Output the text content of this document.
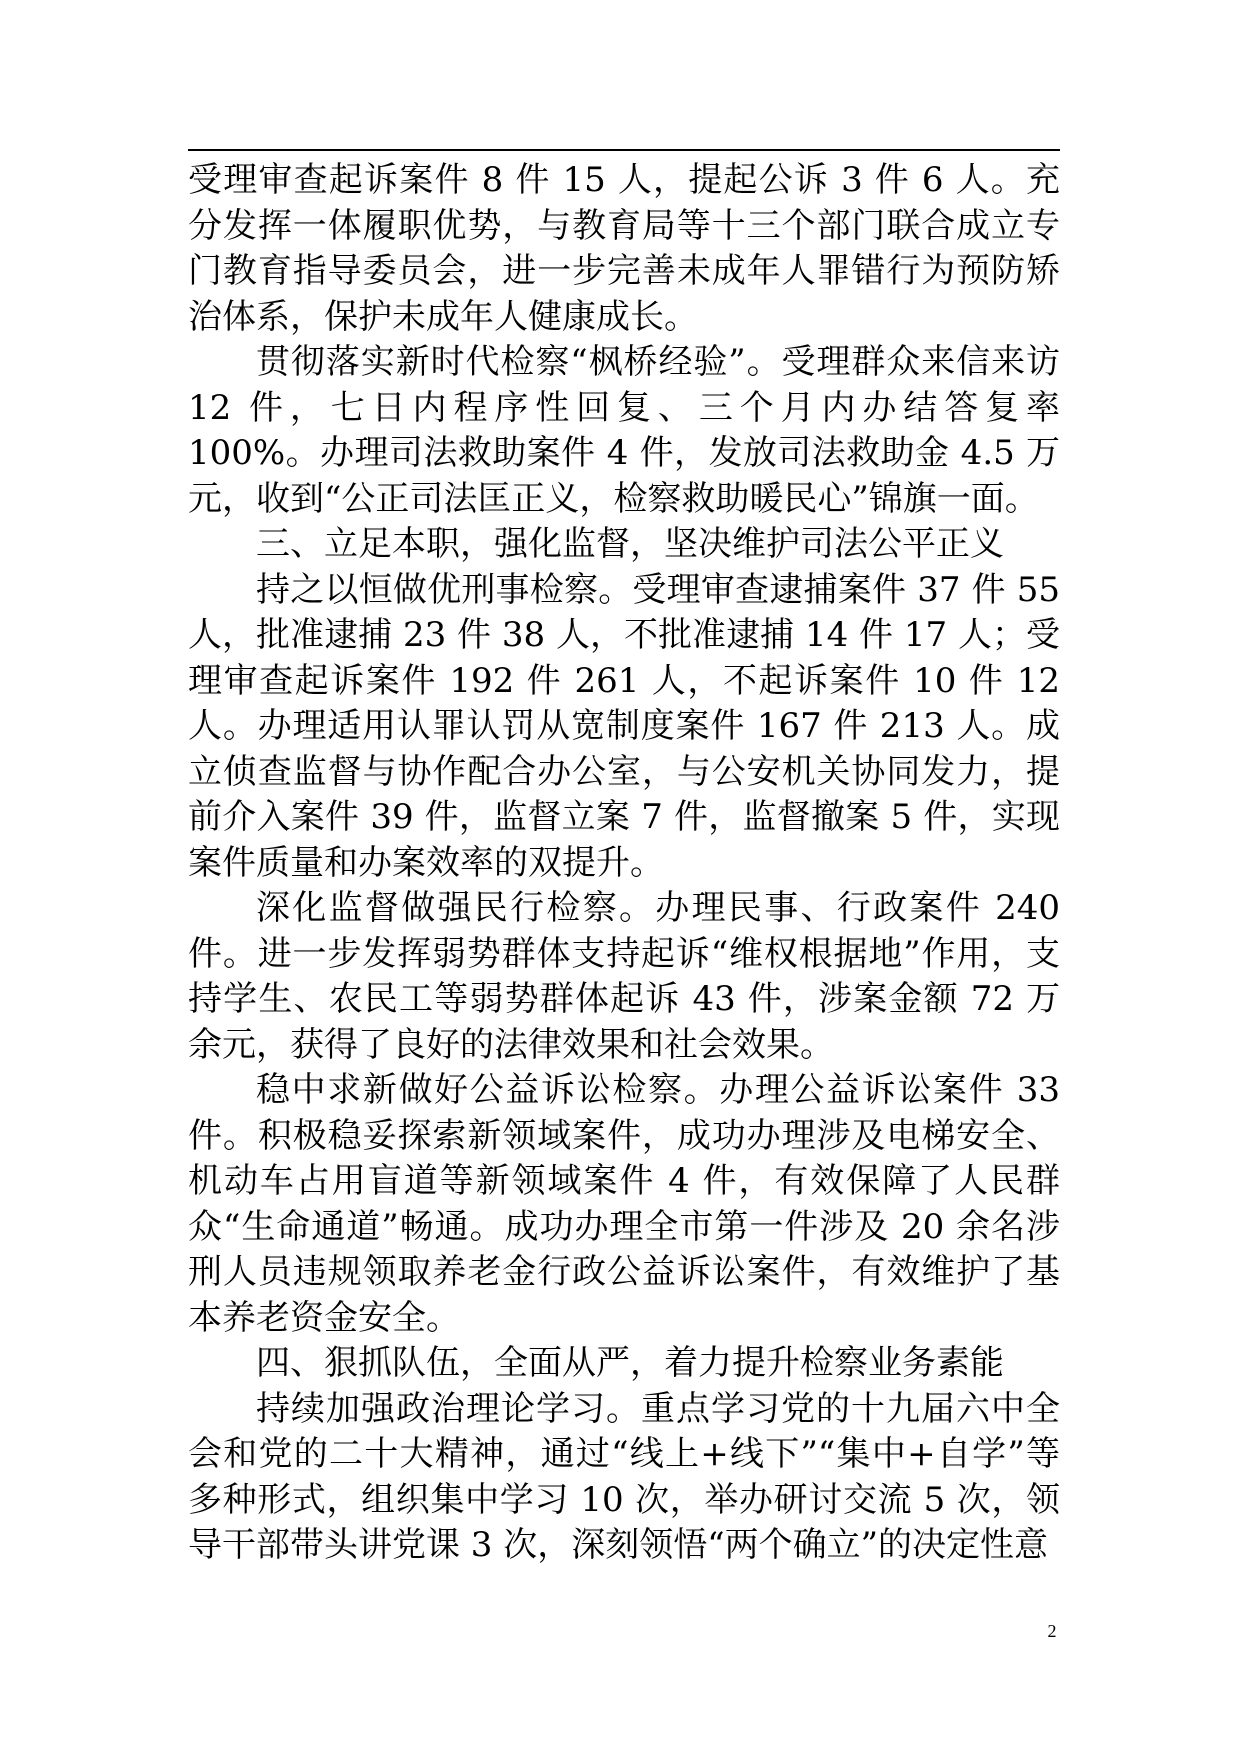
受理审查起诉案件 8 件 15 人，提起公诉 3 件 6 人。充分发挥一体履职优势，与教育局等十三个部门联合成立专门教育指导委员会，进一步完善未成年人罪错行为预防矫治体系，保护未成年人健康成长。

贯彻落实新时代检察“枫桥经验”。受理群众来信来访 12 件，七日内程序性回复、三个月内办结答复率 100%。办理司法救助案件 4 件，发放司法救助金 4.5 万元，收到“公正司法匡正义，检察救助暖民心”锦旗一面。

三、立足本职，强化监督，坚决维护司法公平正义

持之以恒做优刑事检察。受理审查逮捕案件 37 件 55 人，批准逮捕 23 件 38 人，不批准逮捕 14 件 17 人；受理审查起诉案件 192 件 261 人，不起诉案件 10 件 12 人。办理适用认罪认罚从宽制度案件 167 件 213 人。成立侦查监督与协作配合办公室，与公安机关协同发力，提前介入案件 39 件，监督立案 7 件，监督撤案 5 件，实现案件质量和办案效率的双提升。

深化监督做强民行检察。办理民事、行政案件 240 件。进一步发挥弱势群体支持起诉“维权根据地”作用，支持学生、农民工等弱势群体起诉 43 件，涉案金额 72 万余元，获得了良好的法律效果和社会效果。

稳中求新做好公益诉讼检察。办理公益诉讼案件 33 件。积极稳妥探索新领域案件，成功办理涉及电梯安全、机动车占用盲道等新领域案件 4 件，有效保障了人民群众“生命通道”畅通。成功办理全市第一件涉及 20 余名涉刑人员违规领取养老金行政公益诉讼案件，有效维护了基本养老资金安全。

四、狠抓队伍，全面从严，着力提升检察业务素能

持续加强政治理论学习。重点学习党的十九届六中全会和党的二十大精神，通过“线上+线下”“集中+自学”等多种形式，组织集中学习 10 次，举办研讨交流 5 次，领导干部带头讲党课 3 次，深刻领悟“两个确立”的决定性意

2
